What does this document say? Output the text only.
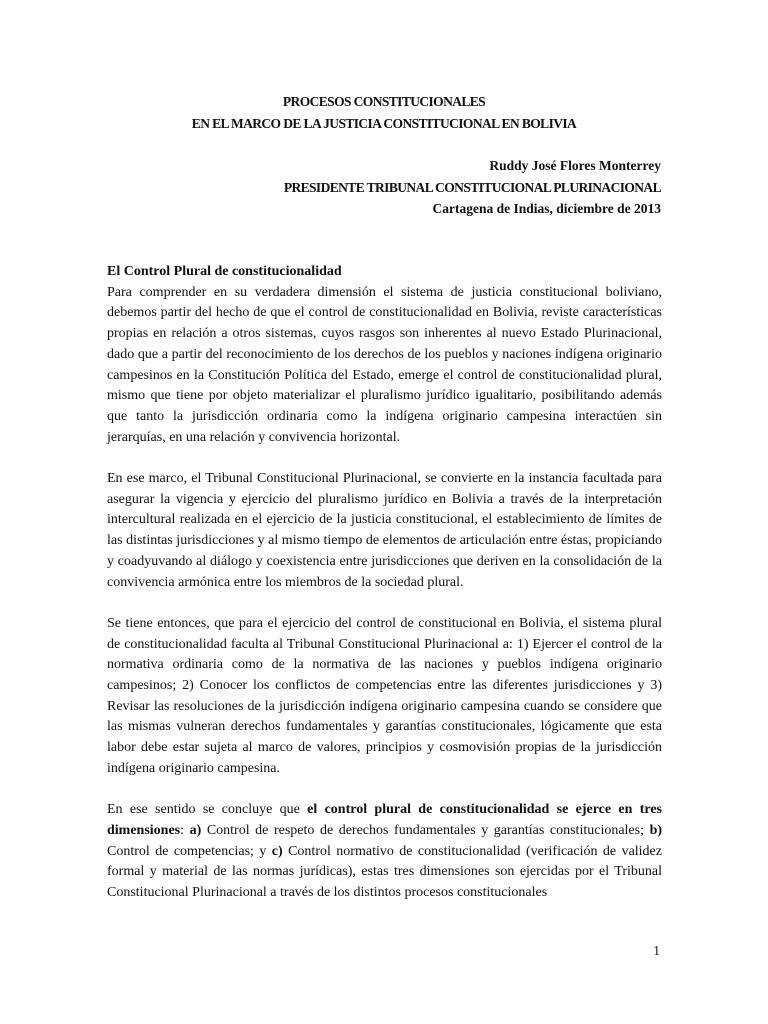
PROCESOS CONSTITUCIONALES
EN EL MARCO DE LA JUSTICIA CONSTITUCIONAL EN BOLIVIA
Ruddy José Flores Monterrey
PRESIDENTE TRIBUNAL CONSTITUCIONAL PLURINACIONAL
Cartagena de Indias, diciembre de 2013

El Control Plural de constitucionalidad
Para comprender en su verdadera dimensión el sistema de justicia constitucional boliviano, debemos partir del hecho de que el control de constitucionalidad en Bolivia, reviste características propias en relación a otros sistemas, cuyos rasgos son inherentes al nuevo Estado Plurinacional, dado que a partir del reconocimiento de los derechos de los pueblos y naciones indígena originario campesinos en la Constitución Política del Estado, emerge el control de constitucionalidad plural, mismo que tiene por objeto materializar el pluralismo jurídico igualitario, posibilitando además que tanto la jurisdicción ordinaria como la indígena originario campesina interactúen sin jerarquías, en una relación y convivencia horizontal.

En ese marco, el Tribunal Constitucional Plurinacional, se convierte en la instancia facultada para asegurar la vigencia y ejercicio del pluralismo jurídico en Bolivia a través de la interpretación intercultural realizada en el ejercicio de la justicia constitucional, el establecimiento de límites de las distintas jurisdicciones y al mismo tiempo de elementos de articulación entre éstas, propiciando y coadyuvando al diálogo y coexistencia entre jurisdicciones que deriven en la consolidación de la convivencia armónica entre los miembros de la sociedad plural.

Se tiene entonces, que para el ejercicio del control de constitucional en Bolivia, el sistema plural de constitucionalidad faculta al Tribunal Constitucional Plurinacional a: 1) Ejercer el control de la normativa ordinaria como de la normativa de las naciones y pueblos indígena originario campesinos; 2) Conocer los conflictos de competencias entre las diferentes jurisdicciones y 3) Revisar las resoluciones de la jurisdicción indígena originario campesina cuando se considere que las mismas vulneran derechos fundamentales y garantías constitucionales, lógicamente que esta labor debe estar sujeta al marco de valores, principios y cosmovisión propias de la jurisdicción indígena originario campesina.

En ese sentido se concluye que el control plural de constitucionalidad se ejerce en tres dimensiones: a) Control de respeto de derechos fundamentales y garantías constitucionales; b) Control de competencias; y c) Control normativo de constitucionalidad (verificación de validez formal y material de las normas jurídicas), estas tres dimensiones son ejercidas por el Tribunal Constitucional Plurinacional a través de los distintos procesos constitucionales

1
